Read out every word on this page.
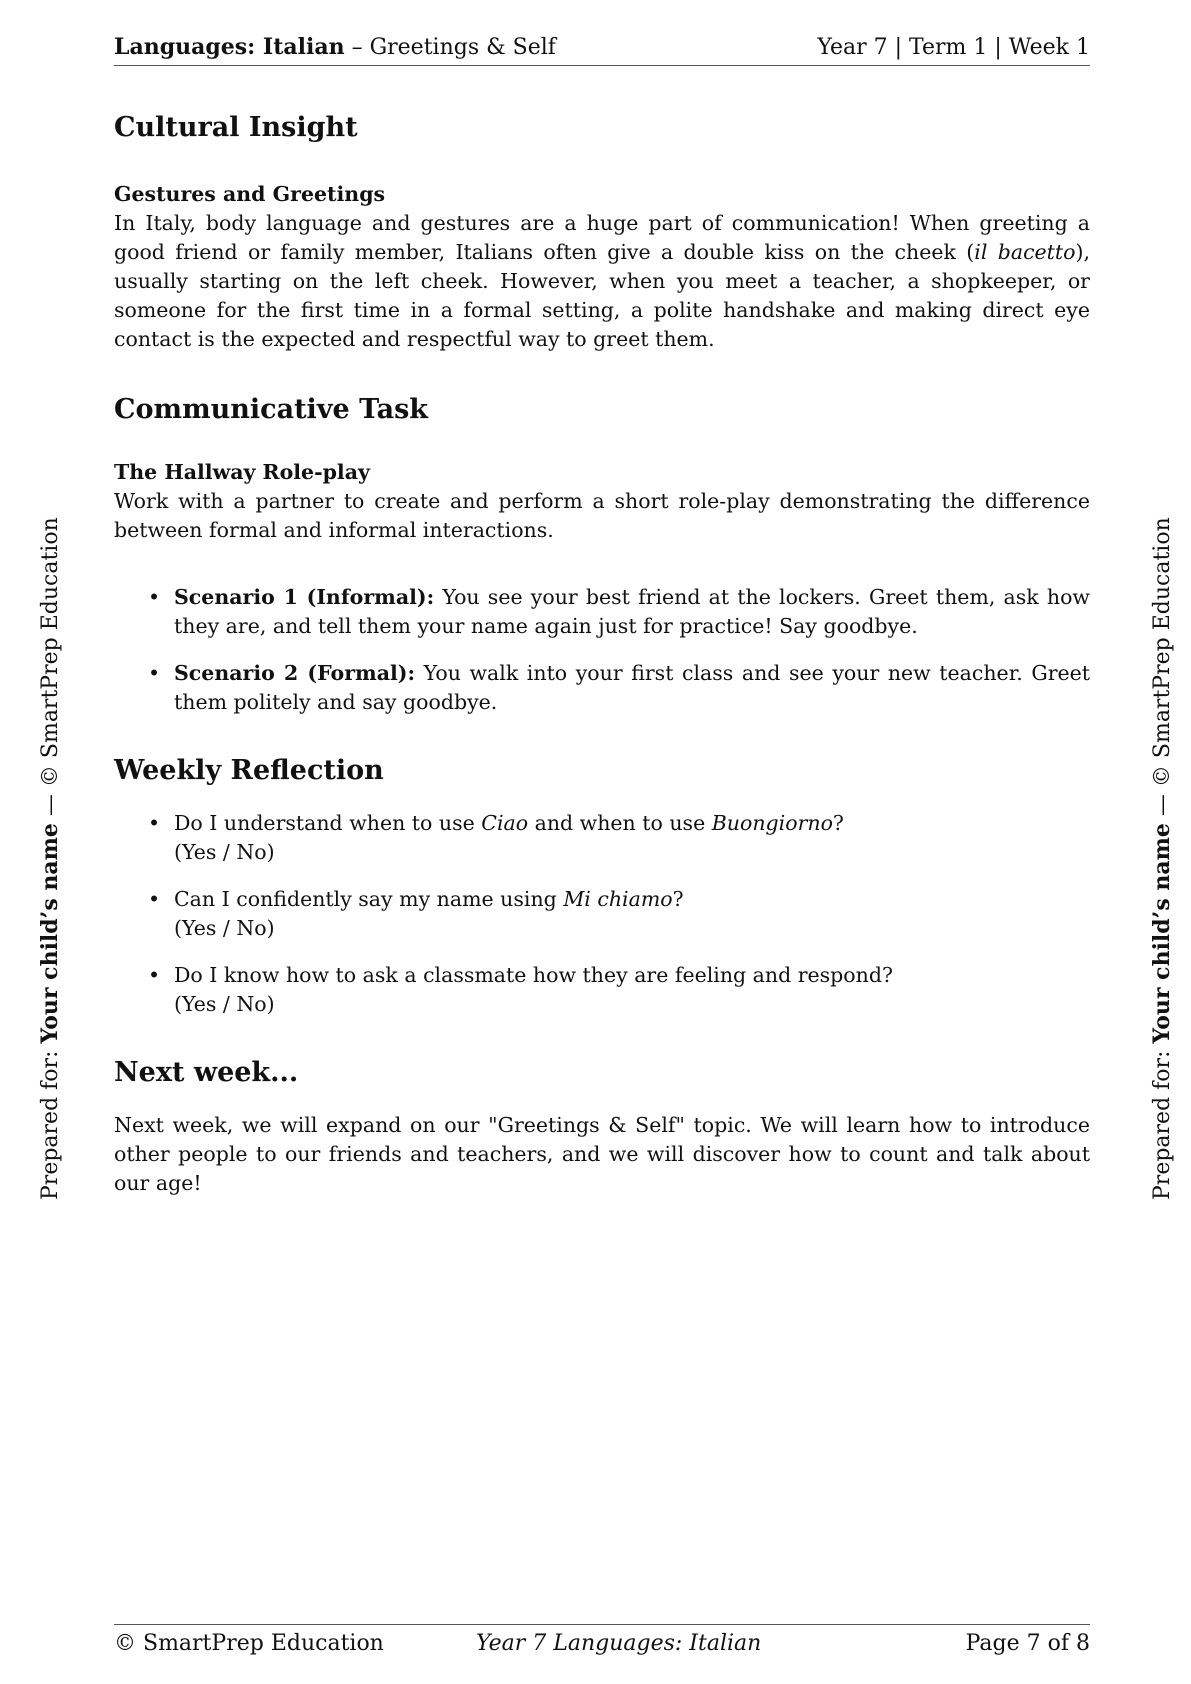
Languages: Italian – Greetings & Self	Year 7 | Term 1 | Week 1
Prepared for: Your child’s name — © SmartPrep Education
Prepared for: Your child’s name — © SmartPrep Education
Cultural Insight
Gestures and Greetings

In Italy, body language and gestures are a huge part of communication! When greeting a good friend or family member, Italians often give a double kiss on the cheek (il bacetto), usually starting on the left cheek. However, when you meet a teacher, a shopkeeper, or someone for the first time in a formal setting, a polite handshake and making direct eye contact is the expected and respectful way to greet them.

Communicative Task
The Hallway Role-play

Work with a partner to create and perform a short role-play demonstrating the difference between formal and informal interactions.

• Scenario 1 (Informal): You see your best friend at the lockers. Greet them, ask how they are, and tell them your name again just for practice! Say goodbye.
• Scenario 2 (Formal): You walk into your first class and see your new teacher. Greet them politely and say goodbye.
Weekly Reflection
• Do I understand when to use Ciao and when to use Buongiorno?
(Yes / No)
• Can I confidently say my name using Mi chiamo?
(Yes / No)
• Do I know how to ask a classmate how they are feeling and respond?
(Yes / No)
Next week...

Next week, we will expand on our "Greetings & Self" topic. We will learn how to introduce other people to our friends and teachers, and we will discover how to count and talk about our age!

© SmartPrep Education	Year 7 Languages: Italian	Page 7 of 8
